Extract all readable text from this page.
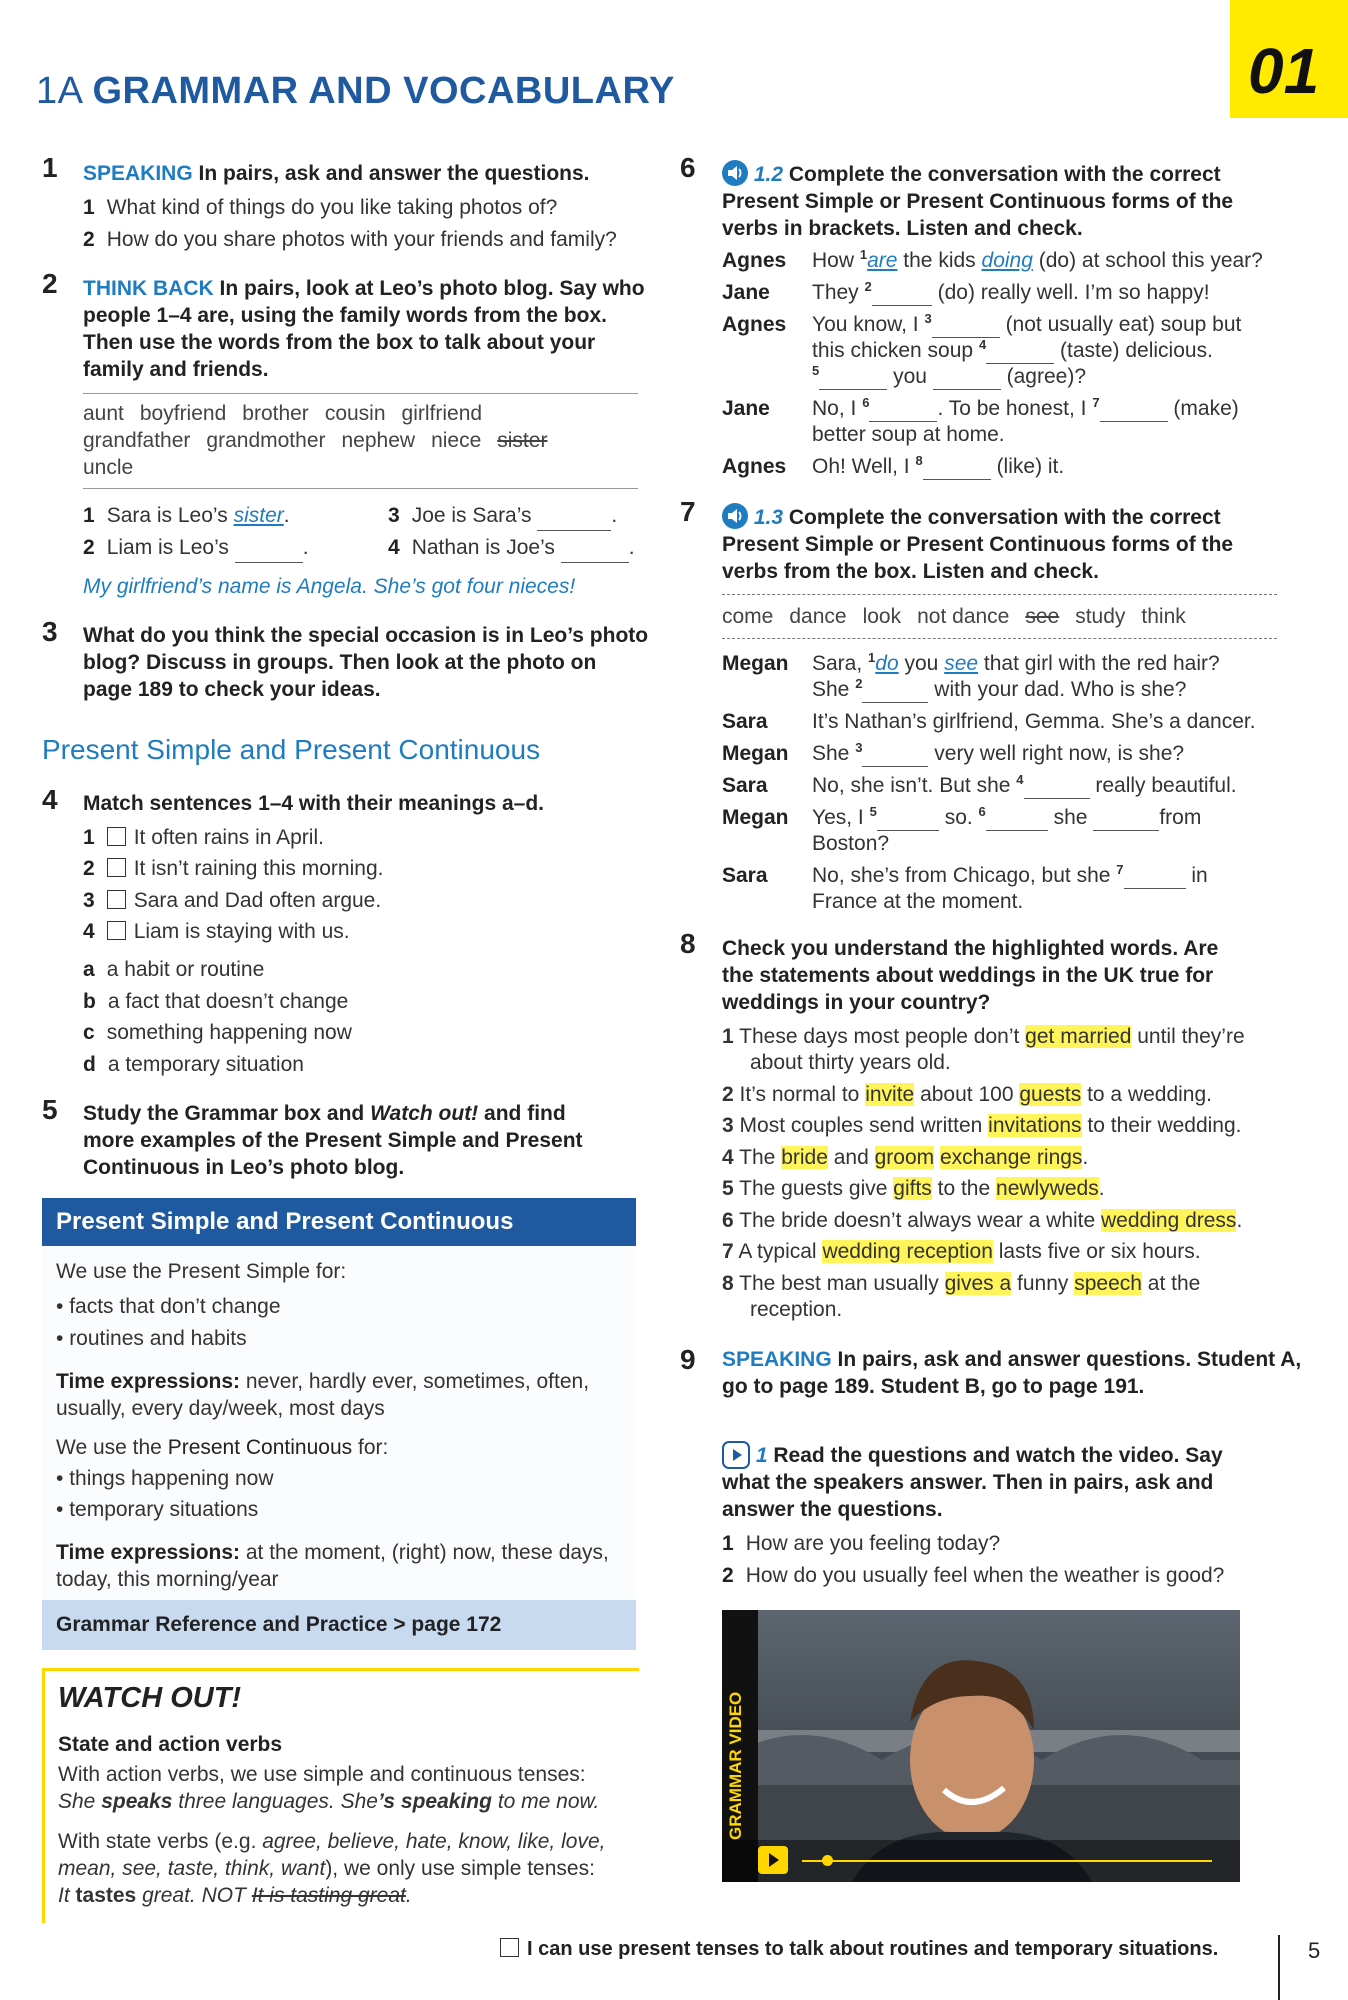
1A GRAMMAR AND VOCABULARY	01
1 SPEAKING In pairs, ask and answer the questions.
1 What kind of things do you like taking photos of?
2 How do you share photos with your friends and family?
2 THINK BACK In pairs, look at Leo’s photo blog. Say who
people 1–4 are, using the family words from the box.
Then use the words from the box to talk about your
family and friends.
aunt boyfriend brother cousin girlfriend
grandfather grandmother nephew niece sister
uncle
1 Sara is Leo’s sister.	3 Joe is Sara’s	.
2 Liam is Leo’s	.	4 Nathan is Joe’s	.
My girlfriend’s name is Angela. She’s got four nieces!
3 What do you think the special occasion is in Leo’s photo
blog? Discuss in groups. Then look at the photo on
page 189 to check your ideas.
Present Simple and Present Continuous
4 Match sentences 1–4 with their meanings a–d.
1 It often rains in April.
2 It isn’t raining this morning.
3 Sara and Dad often argue.
4 Liam is staying with us.
a a habit or routine
b a fact that doesn’t change
c something happening now
d a temporary situation
5 Study the Grammar box and Watch out! and find
more examples of the Present Simple and Present
Continuous in Leo’s photo blog.
Present Simple and Present Continuous
We use the Present Simple for:
• facts that don’t change
• routines and habits
Time expressions: never, hardly ever, sometimes, often,
usually, every day/week, most days
We use the Present Continuous for:
• things happening now
• temporary situations
Time expressions: at the moment, (right) now, these days,
today, this morning/year
Grammar Reference and Practice > page 172
WATCH OUT!
State and action verbs
With action verbs, we use simple and continuous tenses:
She speaks three languages. She’s speaking to me now.
With state verbs (e.g. agree, believe, hate, know, like, love,
mean, see, taste, think, want), we only use simple tenses:
It tastes great. NOT It is tasting great.
6	1.2 Complete the conversation with the correct
Present Simple or Present Continuous forms of the
verbs in brackets. Listen and check.
Agnes How $^1$are the kids doing (do) at school this year?
Jane They $^2$	(do) really well. I’m so happy!
Agnes You know, I $^3$	(not usually eat) soup but
this chicken soup $^4$	(taste) delicious.
$^5$	you	(agree)?
Jane No, I $^6$	. To be honest, I $^7$	(make)
better soup at home.
Agnes Oh! Well, I $^8$	(like) it.
7	1.3 Complete the conversation with the correct
Present Simple or Present Continuous forms of the
verbs from the box. Listen and check.
come dance look not dance see study think
Megan Sara, $^1$do you see that girl with the red hair?
She $^2$	with your dad. Who is she?
Sara It’s Nathan’s girlfriend, Gemma. She’s a dancer.
Megan She $^3$	very well right now, is she?
Sara No, she isn’t. But she $^4$	really beautiful.
Megan Yes, I $^5$	so. $^6$	she	from
Boston?
Sara No, she’s from Chicago, but she $^7$	in
France at the moment.
8 Check you understand the highlighted words. Are
the statements about weddings in the UK true for
weddings in your country?
1 These days most people don’t get married until they’re
about thirty years old.
2 It’s normal to invite about 100 guests to a wedding.
3 Most couples send written invitations to their wedding.
4 The bride and groom exchange rings.
5 The guests give gifts to the newlyweds.
6 The bride doesn’t always wear a white wedding dress.
7 A typical wedding reception lasts five or six hours.
8 The best man usually gives a funny speech at the
reception.
9 SPEAKING In pairs, ask and answer questions. Student A,
go to page 189. Student B, go to page 191.
1 Read the questions and watch the video. Say
what the speakers answer. Then in pairs, ask and
answer the questions.
1 How are you feeling today?
2 How do you usually feel when the weather is good?
GRAMMAR VIDEO
I can use present tenses to talk about routines and temporary situations.	5
